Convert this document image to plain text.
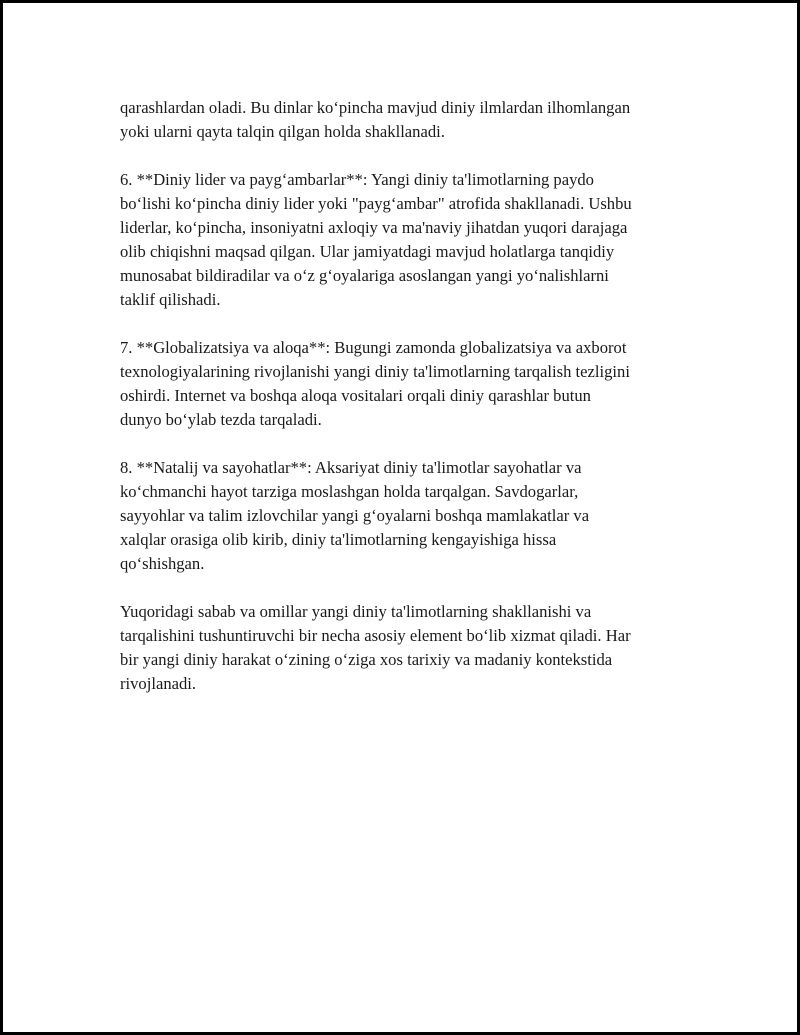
qarashlardan oladi. Bu dinlar ko‘pincha mavjud diniy ilmlardan ilhomlangan
yoki ularni qayta talqin qilgan holda shakllanadi.

6. **Diniy lider va payg‘ambarlar**: Yangi diniy ta'limotlarning paydo
bo‘lishi ko‘pincha diniy lider yoki "payg‘ambar" atrofida shakllanadi. Ushbu
liderlar, ko‘pincha, insoniyatni axloqiy va ma'naviy jihatdan yuqori darajaga
olib chiqishni maqsad qilgan. Ular jamiyatdagi mavjud holatlarga tanqidiy
munosabat bildiradilar va o‘z g‘oyalariga asoslangan yangi yo‘nalishlarni
taklif qilishadi.

7. **Globalizatsiya va aloqa**: Bugungi zamonda globalizatsiya va axborot
texnologiyalarining rivojlanishi yangi diniy ta'limotlarning tarqalish tezligini
oshirdi. Internet va boshqa aloqa vositalari orqali diniy qarashlar butun
dunyo bo‘ylab tezda tarqaladi.

8. **Natalij va sayohatlar**: Aksariyat diniy ta'limotlar sayohatlar va
ko‘chmanchi hayot tarziga moslashgan holda tarqalgan. Savdogarlar,
sayyohlar va talim izlovchilar yangi g‘oyalarni boshqa mamlakatlar va
xalqlar orasiga olib kirib, diniy ta'limotlarning kengayishiga hissa
qo‘shishgan.

Yuqoridagi sabab va omillar yangi diniy ta'limotlarning shakllanishi va
tarqalishini tushuntiruvchi bir necha asosiy element bo‘lib xizmat qiladi. Har
bir yangi diniy harakat o‘zining o‘ziga xos tarixiy va madaniy kontekstida
rivojlanadi.
